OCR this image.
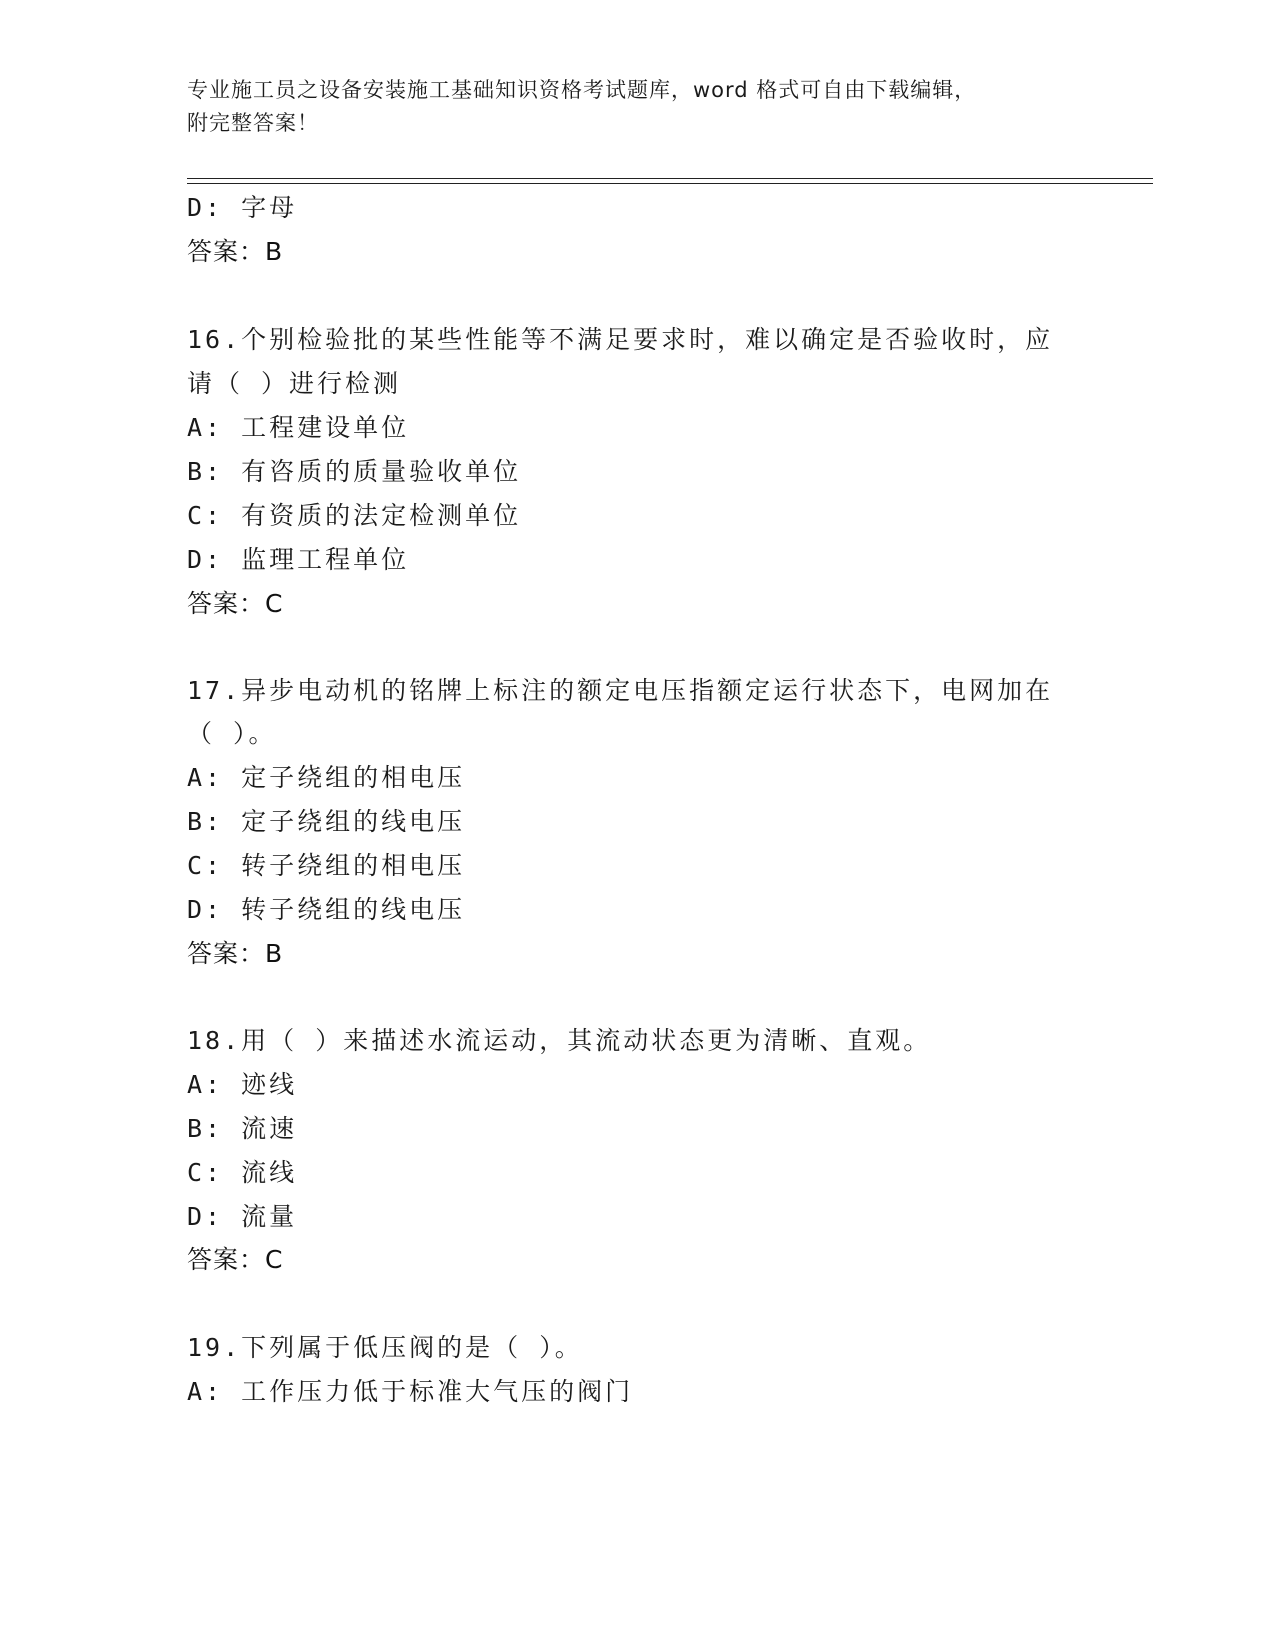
专业施工员之设备安装施工基础知识资格考试题库，word 格式可自由下载编辑，
附完整答案！
D: 字母
答案：B
16.个别检验批的某些性能等不满足要求时，难以确定是否验收时，应
请（ ）进行检测
A: 工程建设单位
B: 有咨质的质量验收单位
C: 有资质的法定检测单位
D: 监理工程单位
答案：C
17.异步电动机的铭牌上标注的额定电压指额定运行状态下，电网加在
（ ）。
A: 定子绕组的相电压
B: 定子绕组的线电压
C: 转子绕组的相电压
D: 转子绕组的线电压
答案：B
18.用（ ）来描述水流运动，其流动状态更为清晰、直观。
A: 迹线
B: 流速
C: 流线
D: 流量
答案：C
19.下列属于低压阀的是（ ）。
A: 工作压力低于标准大气压的阀门
